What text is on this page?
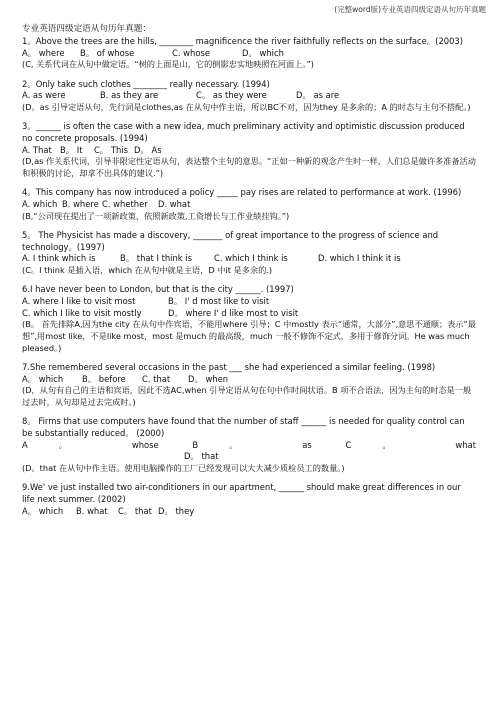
(完整word版)专业英语四级定语从句历年真题
专业英语四级定语从句历年真题：
1。Above the trees are the hills, ________ magnificence the river faithfully reflects on the surface。(2003)
A。 where	B。 of whose	C. whose	D。 which
(C, 关系代词在从句中做定语。“树的上面是山，它的倒影忠实地映照在河面上。”)
2。Only take such clothes ________ really necessary. (1994)
A. as were	B. as they are	C。 as they were	D。 as are
(D。as 引导定语从句，先行词是clothes,as 在从句中作主语，所以BC不对，因为they 是多余的；A 的时态与主句不搭配。)
3。______ is often the case with a new idea, much preliminary activity and optimistic discussion produced no concrete proposals. (1994)
A. That B。 It	C。 This D。 As
(D,as 作关系代词，引导非限定性定语从句，表达整个主句的意思。“正如一种新的观念产生时一样，人们总是做许多准备活动和积极的讨论，却拿不出具体的建议.”)
4。This company has now introduced a policy _____ pay rises are related to performance at work. (1996)
A. which B. where C. whether	D. what
(B,“公司现在提出了一项新政策，依照新政策,工资增长与工作业绩挂钩。”)
5。 The Physicist has made a discovery, _______ of great importance to the progress of science and technology。(1997)
A. I think which is	B。 that I think is	C. which I think is	D. which I think it is
(C。I think 是插入语，which 在从句中就是主语，D 中it 是多余的.)
6.I have never been to London, but that is the city ______. (1997)
A. where I like to visit most	B。 I' d most like to visit
C. which I like to visit mostly	D。 where I' d like most to visit
(B。 首先排除A,因为the city 在从句中作宾语，不能用where 引导；C 中mostly 表示“通常，大部分”,意思不通顺；表示“最想”,用most like，不是like most，most 是much 的最高级，much 一般不修饰不定式，多用于修饰分词。He was much pleased。)
7.She remembered several occasions in the past ___ she had experienced a similar feeling. (1998)
A。 which	B。 before	C. that	D。 when
(D，从句有自己的主语和宾语，因此不选AC,when 引导定语从句在句中作时间状语。B 项不合语法，因为主句的时态是一般过去时，从句却是过去完成时。)
8。 Firms that use computers have found that the number of staff ______ is needed for quality control can be substantially reduced。 (2000)
A。 whose	B。 as	C。 what
D。 that
(D。that 在从句中作主语。使用电脑操作的工厂已经发现可以大大减少质检员工的数量。)
9.We' ve just installed two air-conditioners in our apartment, ______ should make great differences in our life next summer. (2002)
A。 which	B. what	C。 that D。 they
